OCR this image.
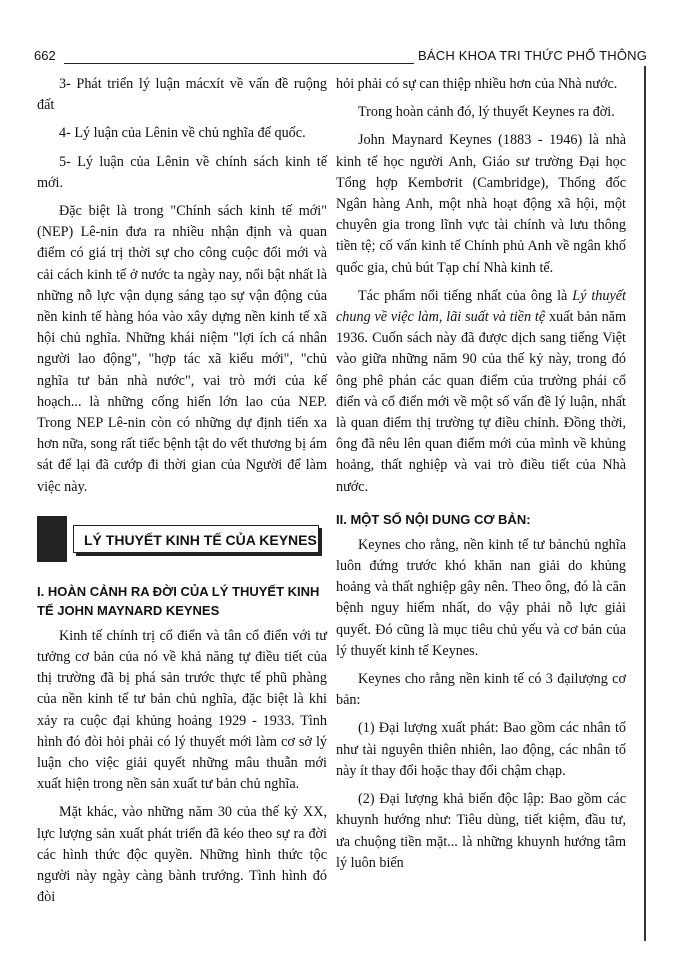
662	BÁCH KHOA TRI THỨC PHỔ THÔNG

3- Phát triển lý luận mácxít về vấn đề ruộng đất

4- Lý luận của Lênin về chủ nghĩa đế quốc.

5- Lý luận của Lênin về chính sách kinh tế mới.

Đặc biệt là trong "Chính sách kinh tế mới" (NEP) Lê-nin đưa ra nhiều nhận định và quan điểm có giá trị thời sự cho công cuộc đổi mới và cải cách kinh tế ở nước ta ngày nay, nổi bật nhất là những nỗ lực vận dụng sáng tạo sự vận động của nền kinh tế hàng hóa vào xây dựng nền kinh tế xã hội chủ nghĩa. Những khái niệm "lợi ích cá nhân người lao động", "hợp tác xã kiểu mới", "chủ nghĩa tư bản nhà nước", vai trò mới của kế hoạch... là những cống hiến lớn lao của NEP. Trong NEP Lê-nin còn có những dự định tiến xa hơn nữa, song rất tiếc bệnh tật do vết thương bị ám sát để lại đã cướp đi thời gian của Người để làm việc này.

LÝ THUYẾT KINH TẾ CỦA KEYNES
I. HOÀN CẢNH RA ĐỜI CỦA LÝ THUYẾT KINH TẾ JOHN MAYNARD KEYNES

Kinh tế chính trị cổ điển và tân cổ điển với tư tưởng cơ bản của nó về khả năng tự điều tiết của thị trường đã bị phá sản trước thực tế phũ phàng của nền kinh tế tư bản chủ nghĩa, đặc biệt là khi xảy ra cuộc đại khủng hoảng 1929 - 1933. Tình hình đó đòi hỏi phải có lý thuyết mới làm cơ sở lý luận cho việc giải quyết những mâu thuẫn mới xuất hiện trong nền sản xuất tư bản chủ nghĩa.

Mặt khác, vào những năm 30 của thế kỷ XX, lực lượng sản xuất phát triển đã kéo theo sự ra đời các hình thức độc quyền. Những hình thức tộc người này ngày càng bành trướng. Tình hình đó đòi

hỏi phải có sự can thiệp nhiều hơn của Nhà nước.

Trong hoàn cảnh đó, lý thuyết Keynes ra đời.

John Maynard Keynes (1883 - 1946) là nhà kinh tế học người Anh, Giáo sư trường Đại học Tổng hợp Kembơrit (Cambridge), Thống đốc Ngân hàng Anh, một nhà hoạt động xã hội, một chuyên gia trong lĩnh vực tài chính và lưu thông tiền tệ; cố vấn kinh tế Chính phủ Anh về ngân khố quốc gia, chủ bút Tạp chí Nhà kinh tế.

Tác phẩm nổi tiếng nhất của ông là Lý thuyết chung về việc làm, lãi suất và tiền tệ xuất bản năm 1936. Cuốn sách này đã được dịch sang tiếng Việt vào giữa những năm 90 của thế kỷ này, trong đó ông phê phán các quan điểm của trường phái cổ điển và cổ điển mới về một số vấn đề lý luận, nhất là quan điểm thị trường tự điều chỉnh. Đồng thời, ông đã nêu lên quan điểm mới của mình về khủng hoảng, thất nghiệp và vai trò điều tiết của Nhà nước.

II. MỘT SỐ NỘI DUNG CƠ BẢN:

Keynes cho rằng, nền kinh tế tư bảnchủ nghĩa luôn đứng trước khó khăn nan giải do khủng hoảng và thất nghiệp gây nên. Theo ông, đó là căn bệnh nguy hiểm nhất, do vậy phải nỗ lực giải quyết. Đó cũng là mục tiêu chủ yếu và cơ bản của lý thuyết kinh tế Keynes.

Keynes cho rằng nền kinh tế có 3 đạilượng cơ bản:

(1) Đại lượng xuất phát: Bao gồm các nhân tố như tài nguyên thiên nhiên, lao động, các nhân tố này ít thay đổi hoặc thay đổi chậm chạp.

(2) Đại lượng khả biến độc lập: Bao gồm các khuynh hướng như: Tiêu dùng, tiết kiệm, đầu tư, ưa chuộng tiền mặt... là những khuynh hướng tâm lý luôn biến
